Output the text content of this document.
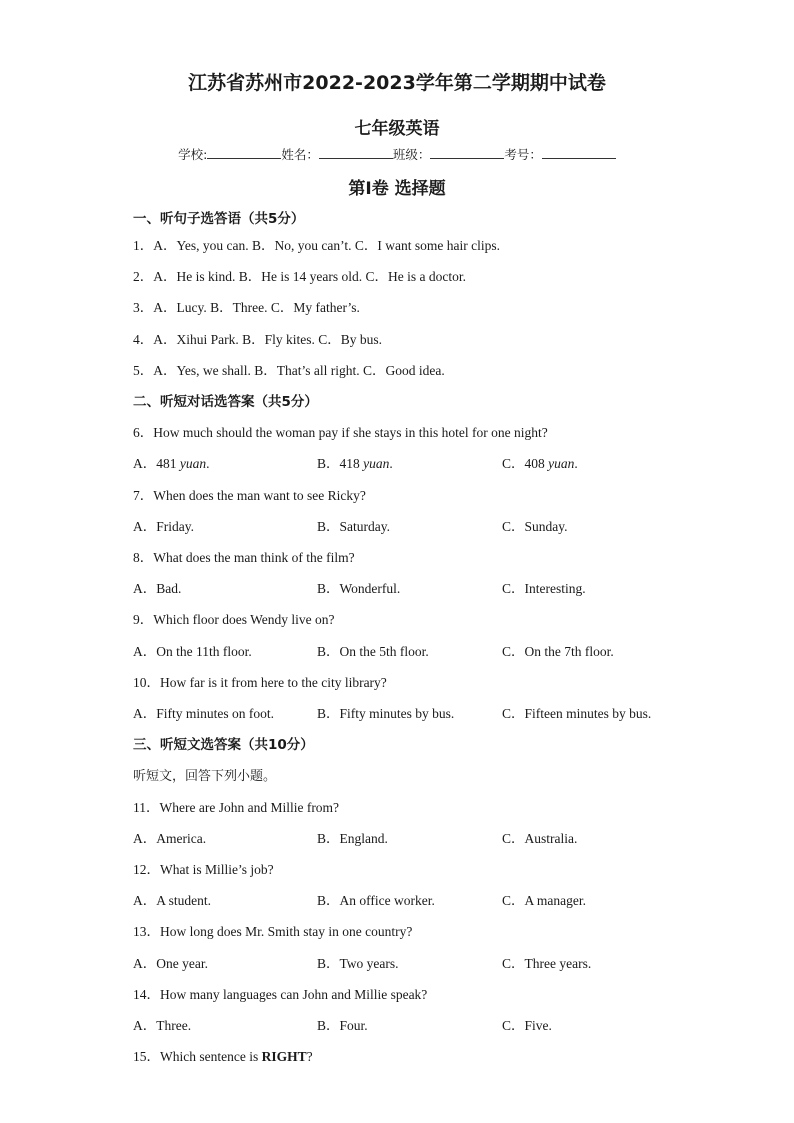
江苏省苏州市2022-2023学年第二学期期中试卷
七年级英语
学校:	姓名：	班级：	考号：
第Ⅰ卷 选择题
一、听句子选答语（共5分）
1．A．Yes, you can. B．No, you can’t. C．I want some hair clips.
2．A．He is kind. B．He is 14 years old. C．He is a doctor.
3．A．Lucy. B．Three. C．My father’s.
4．A．Xihui Park. B．Fly kites. C．By bus.
5．A．Yes, we shall. B．That’s all right. C．Good idea.
二、听短对话选答案（共5分）
6．How much should the woman pay if she stays in this hotel for one night?
A．481 yuan.	B．418 yuan.	C．408 yuan.
7．When does the man want to see Ricky?
A．Friday.	B．Saturday.	C．Sunday.
8．What does the man think of the film?
A．Bad.	B．Wonderful.	C．Interesting.
9．Which floor does Wendy live on?
A．On the 11th floor.	B．On the 5th floor.	C．On the 7th floor.
10．How far is it from here to the city library?
A．Fifty minutes on foot.	B．Fifty minutes by bus.	C．Fifteen minutes by bus.
三、听短文选答案（共10分）
听短文，回答下列小题。
11．Where are John and Millie from?
A．America.	B．England.	C．Australia.
12．What is Millie’s job?
A．A student.	B．An office worker.	C．A manager.
13．How long does Mr. Smith stay in one country?
A．One year.	B．Two years.	C．Three years.
14．How many languages can John and Millie speak?
A．Three.	B．Four.	C．Five.
15．Which sentence is RIGHT?
